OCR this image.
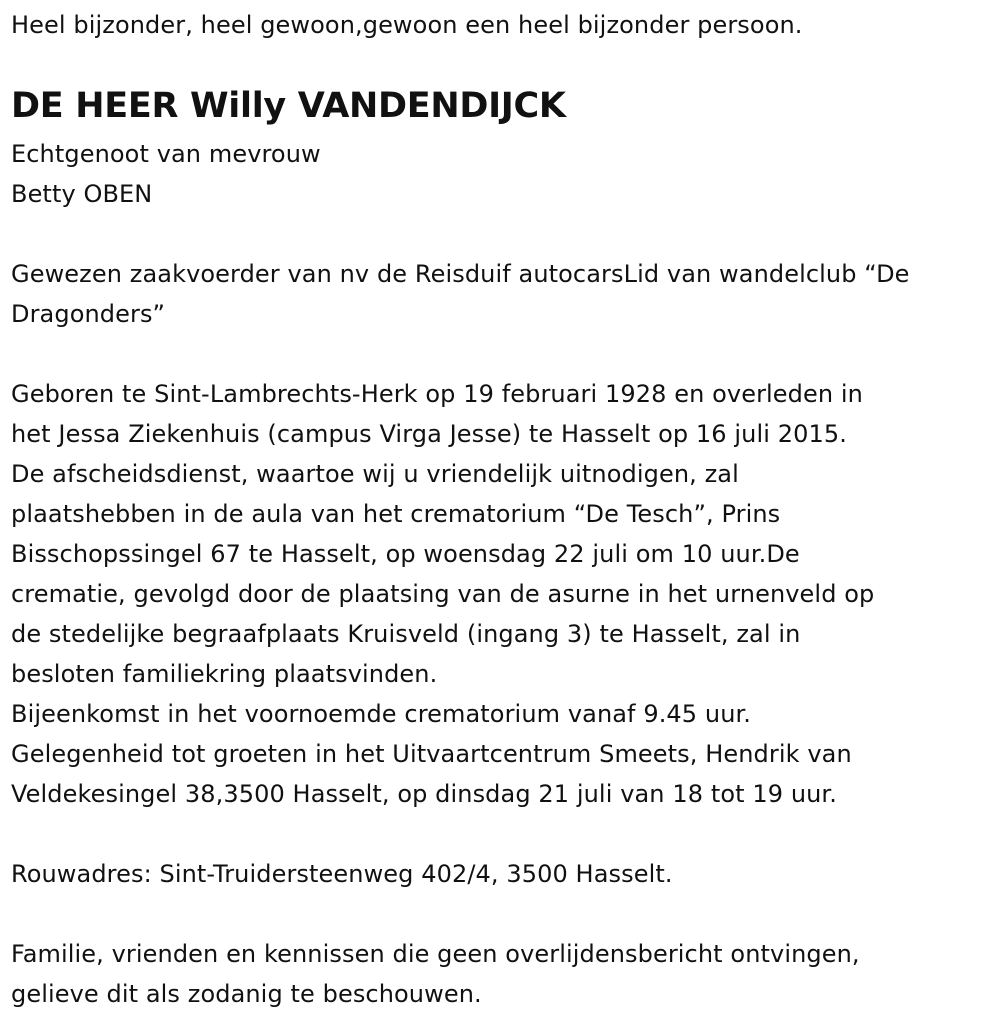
Heel bijzonder, heel gewoon,gewoon een heel bijzonder persoon.
DE HEER Willy VANDENDIJCK
Echtgenoot van mevrouw
Betty OBEN
Gewezen zaakvoerder van nv de Reisduif autocarsLid van wandelclub “De
Dragonders”
Geboren te Sint-Lambrechts-Herk op 19 februari 1928 en overleden in
het Jessa Ziekenhuis (campus Virga Jesse) te Hasselt op 16 juli 2015.
De afscheidsdienst, waartoe wij u vriendelijk uitnodigen, zal
plaatshebben in de aula van het crematorium “De Tesch”, Prins
Bisschopssingel 67 te Hasselt, op woensdag 22 juli om 10 uur.De
crematie, gevolgd door de plaatsing van de asurne in het urnenveld op
de stedelijke begraafplaats Kruisveld (ingang 3) te Hasselt, zal in
besloten familiekring plaatsvinden.
Bijeenkomst in het voornoemde crematorium vanaf 9.45 uur.
Gelegenheid tot groeten in het Uitvaartcentrum Smeets, Hendrik van
Veldekesingel 38,3500 Hasselt, op dinsdag 21 juli van 18 tot 19 uur.
Rouwadres: Sint-Truidersteenweg 402/4, 3500 Hasselt.
Familie, vrienden en kennissen die geen overlijdensbericht ontvingen,
gelieve dit als zodanig te beschouwen.
